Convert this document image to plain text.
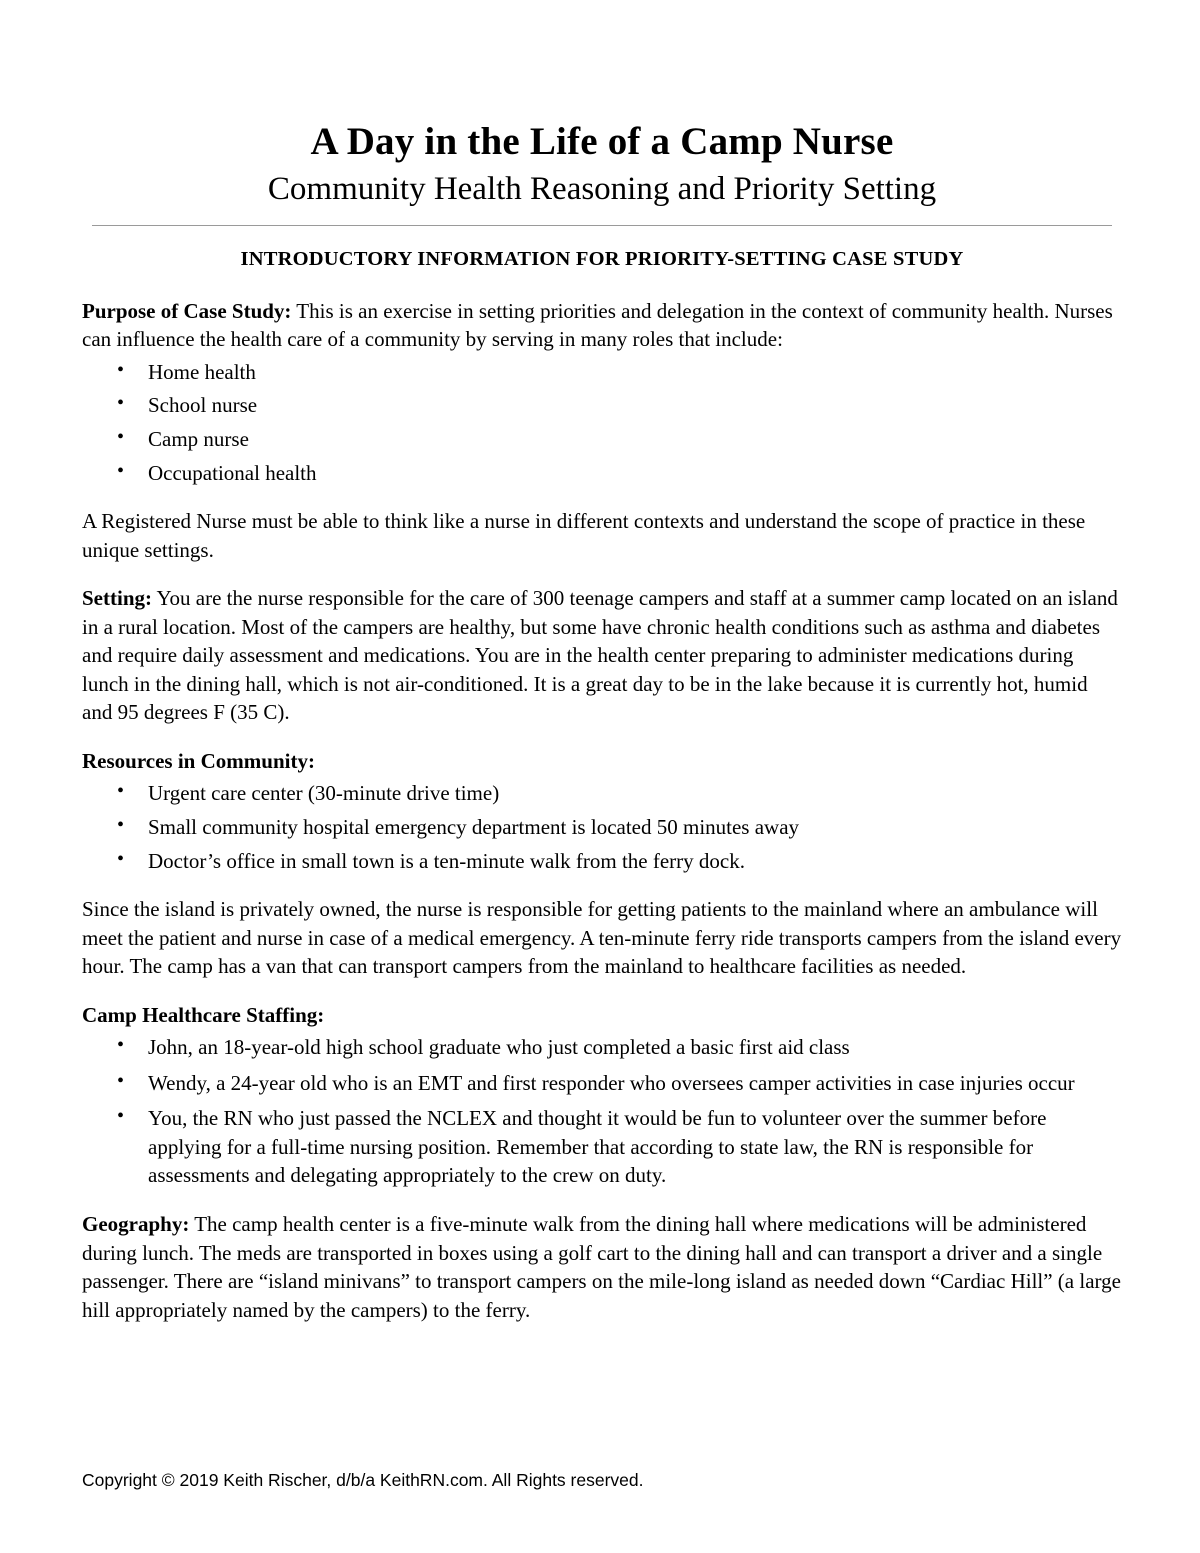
A Day in the Life of a Camp Nurse
Community Health Reasoning and Priority Setting
INTRODUCTORY INFORMATION FOR PRIORITY-SETTING CASE STUDY

Purpose of Case Study: This is an exercise in setting priorities and delegation in the context of community health. Nurses can influence the health care of a community by serving in many roles that include:

• Home health
• School nurse
• Camp nurse
• Occupational health

A Registered Nurse must be able to think like a nurse in different contexts and understand the scope of practice in these unique settings.

Setting: You are the nurse responsible for the care of 300 teenage campers and staff at a summer camp located on an island in a rural location. Most of the campers are healthy, but some have chronic health conditions such as asthma and diabetes and require daily assessment and medications. You are in the health center preparing to administer medications during lunch in the dining hall, which is not air-conditioned. It is a great day to be in the lake because it is currently hot, humid and 95 degrees F (35 C).

Resources in Community:

• Urgent care center (30-minute drive time)
• Small community hospital emergency department is located 50 minutes away
• Doctor’s office in small town is a ten-minute walk from the ferry dock.

Since the island is privately owned, the nurse is responsible for getting patients to the mainland where an ambulance will meet the patient and nurse in case of a medical emergency. A ten-minute ferry ride transports campers from the island every hour. The camp has a van that can transport campers from the mainland to healthcare facilities as needed.

Camp Healthcare Staffing:

• John, an 18-year-old high school graduate who just completed a basic first aid class
• Wendy, a 24-year old who is an EMT and first responder who oversees camper activities in case injuries occur
• You, the RN who just passed the NCLEX and thought it would be fun to volunteer over the summer before applying for a full-time nursing position. Remember that according to state law, the RN is responsible for assessments and delegating appropriately to the crew on duty.

Geography: The camp health center is a five-minute walk from the dining hall where medications will be administered during lunch. The meds are transported in boxes using a golf cart to the dining hall and can transport a driver and a single passenger. There are “island minivans” to transport campers on the mile-long island as needed down “Cardiac Hill” (a large hill appropriately named by the campers) to the ferry.

Copyright © 2019 Keith Rischer, d/b/a KeithRN.com. All Rights reserved.
